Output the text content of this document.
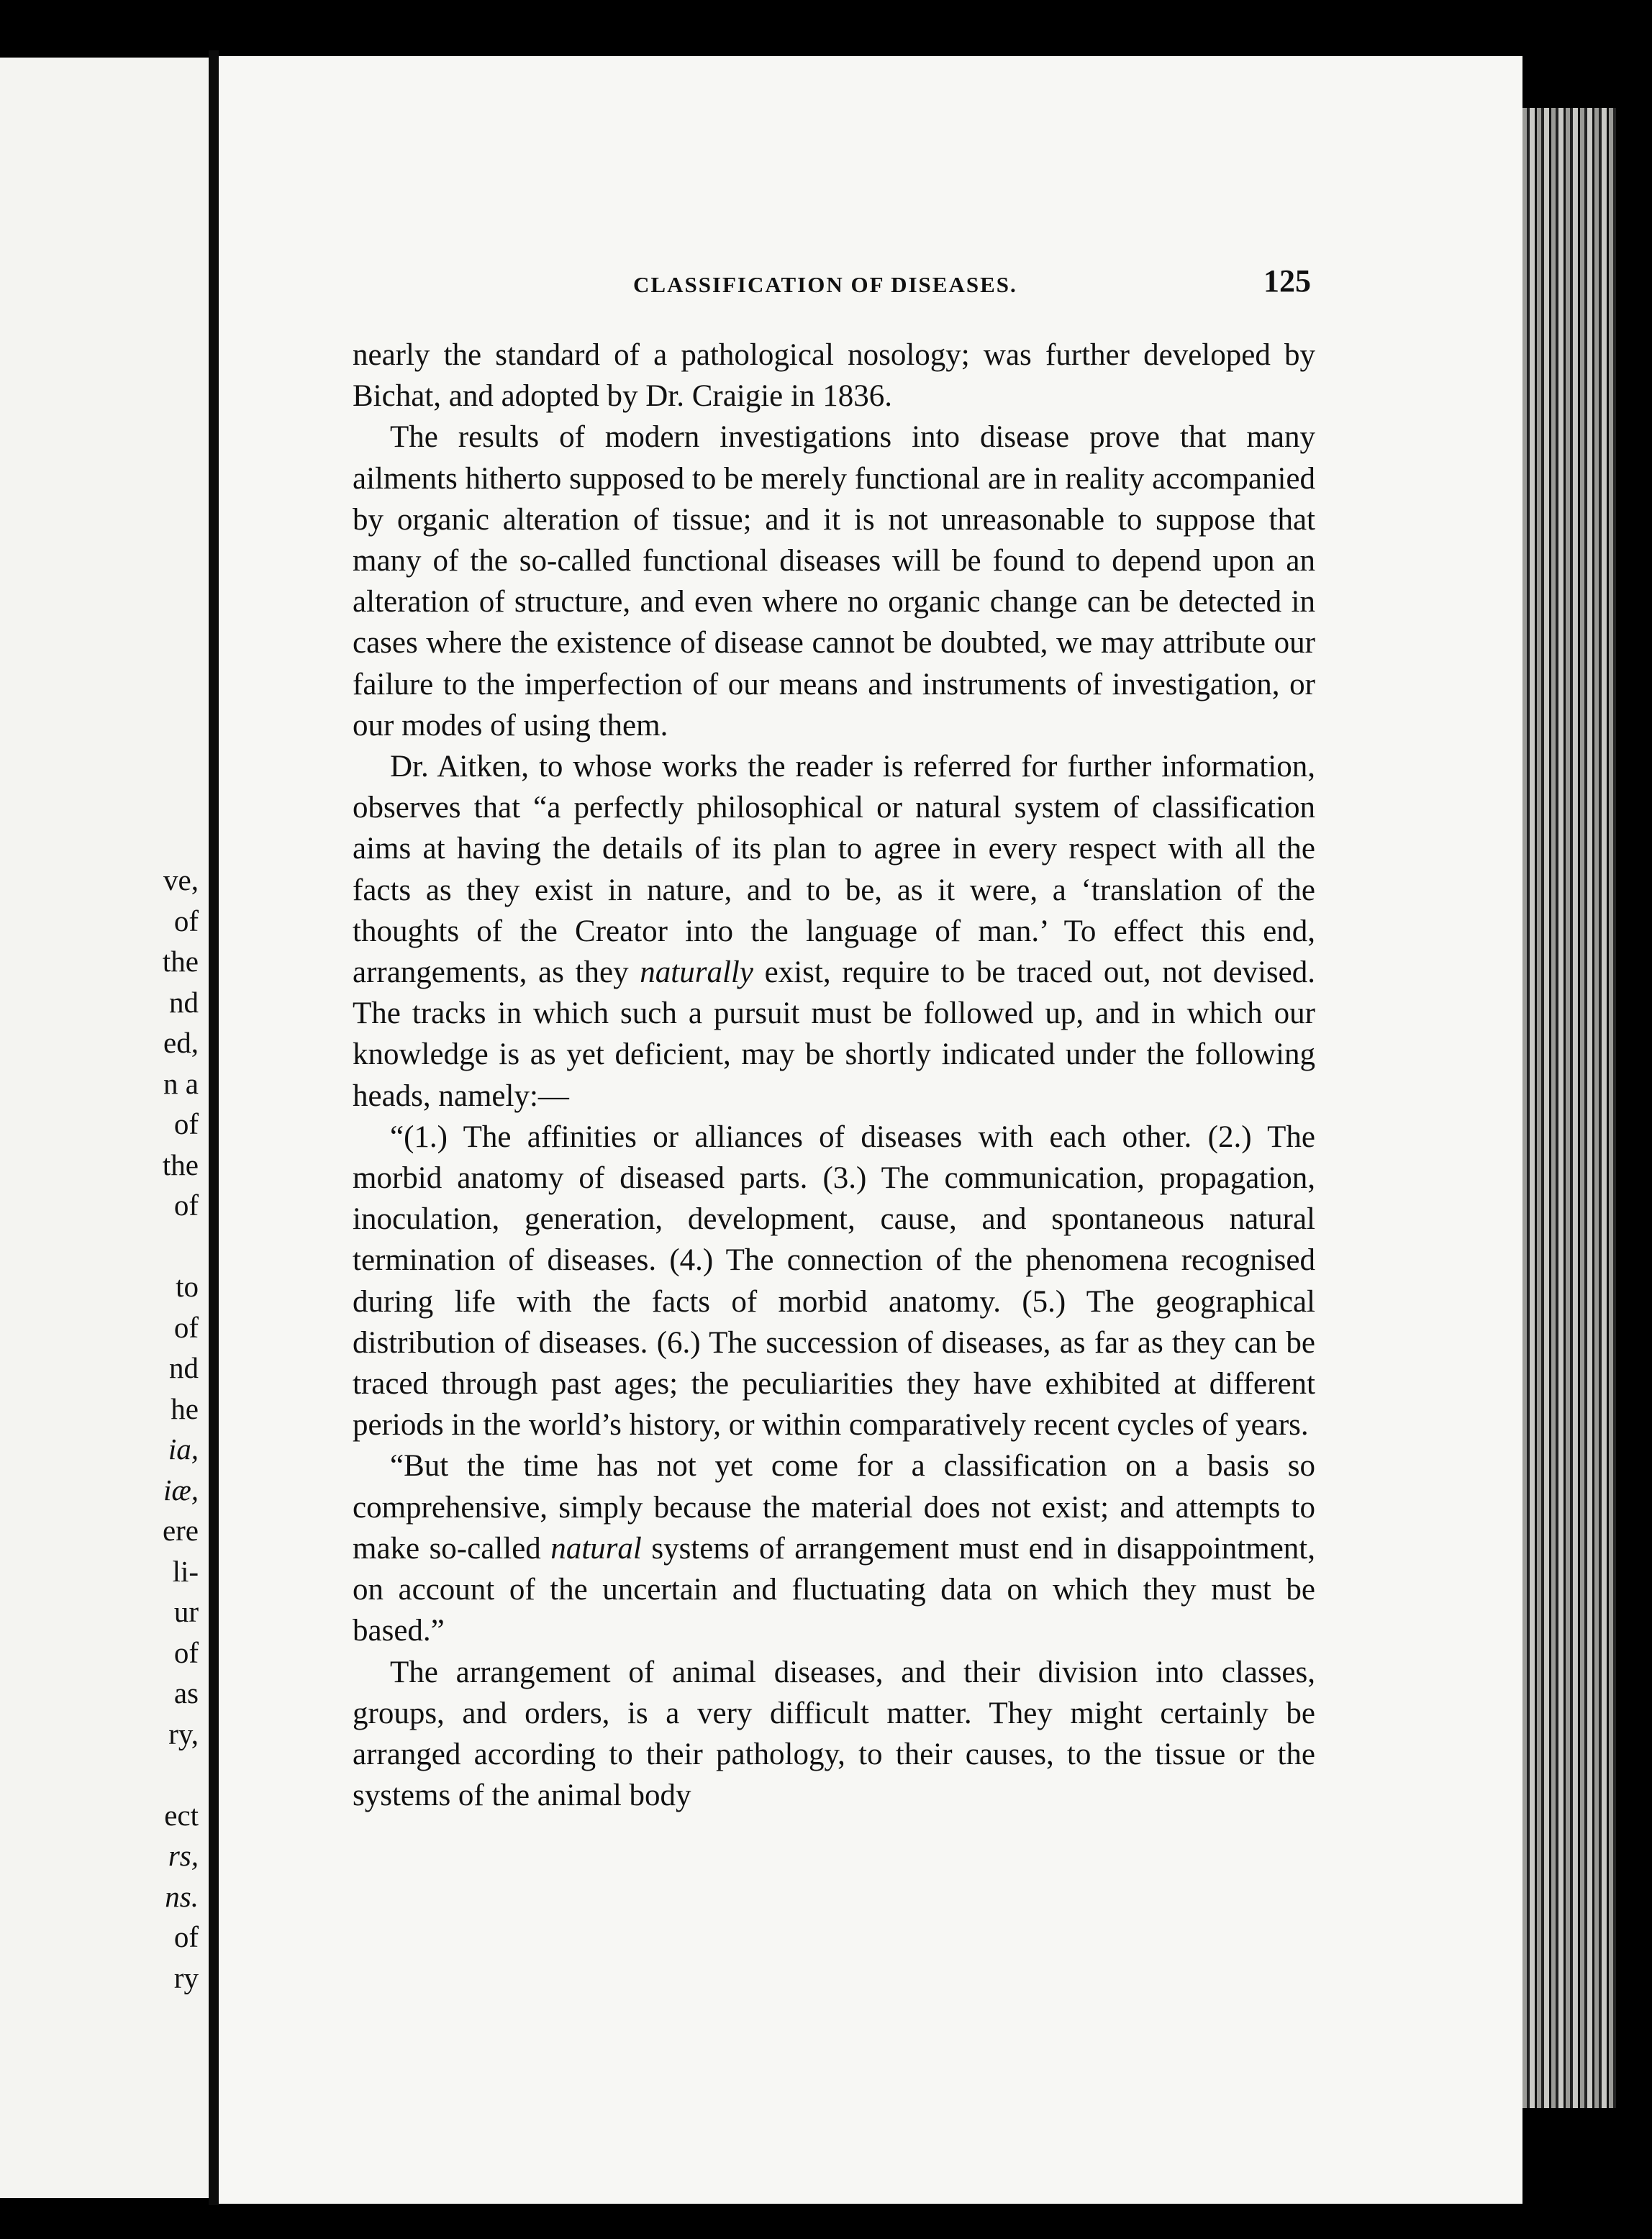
ve,
of
the
nd
ed,
n a
of
the
of
to
of
nd
he
ia,
iæ,
ere
li-
ur
of
as
ry,
ect
rs,
ns.
of
ry
CLASSIFICATION OF DISEASES.	125

nearly the standard of a pathological nosology; was further developed by Bichat, and adopted by Dr. Craigie in 1836.

The results of modern investigations into disease prove that many ailments hitherto supposed to be merely functional are in reality accompanied by organic alteration of tissue; and it is not unreasonable to suppose that many of the so-called functional diseases will be found to depend upon an alteration of structure, and even where no organic change can be detected in cases where the existence of disease cannot be doubted, we may attribute our failure to the imperfection of our means and instruments of investigation, or our modes of using them.

Dr. Aitken, to whose works the reader is referred for further information, observes that “a perfectly philosophical or natural system of classification aims at having the details of its plan to agree in every respect with all the facts as they exist in nature, and to be, as it were, a ‘translation of the thoughts of the Creator into the language of man.’ To effect this end, arrangements, as they naturally exist, require to be traced out, not devised. The tracks in which such a pursuit must be followed up, and in which our knowledge is as yet deficient, may be shortly indicated under the following heads, namely:—

“(1.) The affinities or alliances of diseases with each other. (2.) The morbid anatomy of diseased parts. (3.) The communication, propagation, inoculation, generation, development, cause, and spontaneous natural termination of diseases. (4.) The connection of the phenomena recognised during life with the facts of morbid anatomy. (5.) The geographical distribution of diseases. (6.) The succession of diseases, as far as they can be traced through past ages; the peculiarities they have exhibited at different periods in the world’s history, or within comparatively recent cycles of years.

“But the time has not yet come for a classification on a basis so comprehensive, simply because the material does not exist; and attempts to make so-called natural systems of arrangement must end in disappointment, on account of the uncertain and fluctuating data on which they must be based.”

The arrangement of animal diseases, and their division into classes, groups, and orders, is a very difficult matter. They might certainly be arranged according to their pathology, to their causes, to the tissue or the systems of the animal body
